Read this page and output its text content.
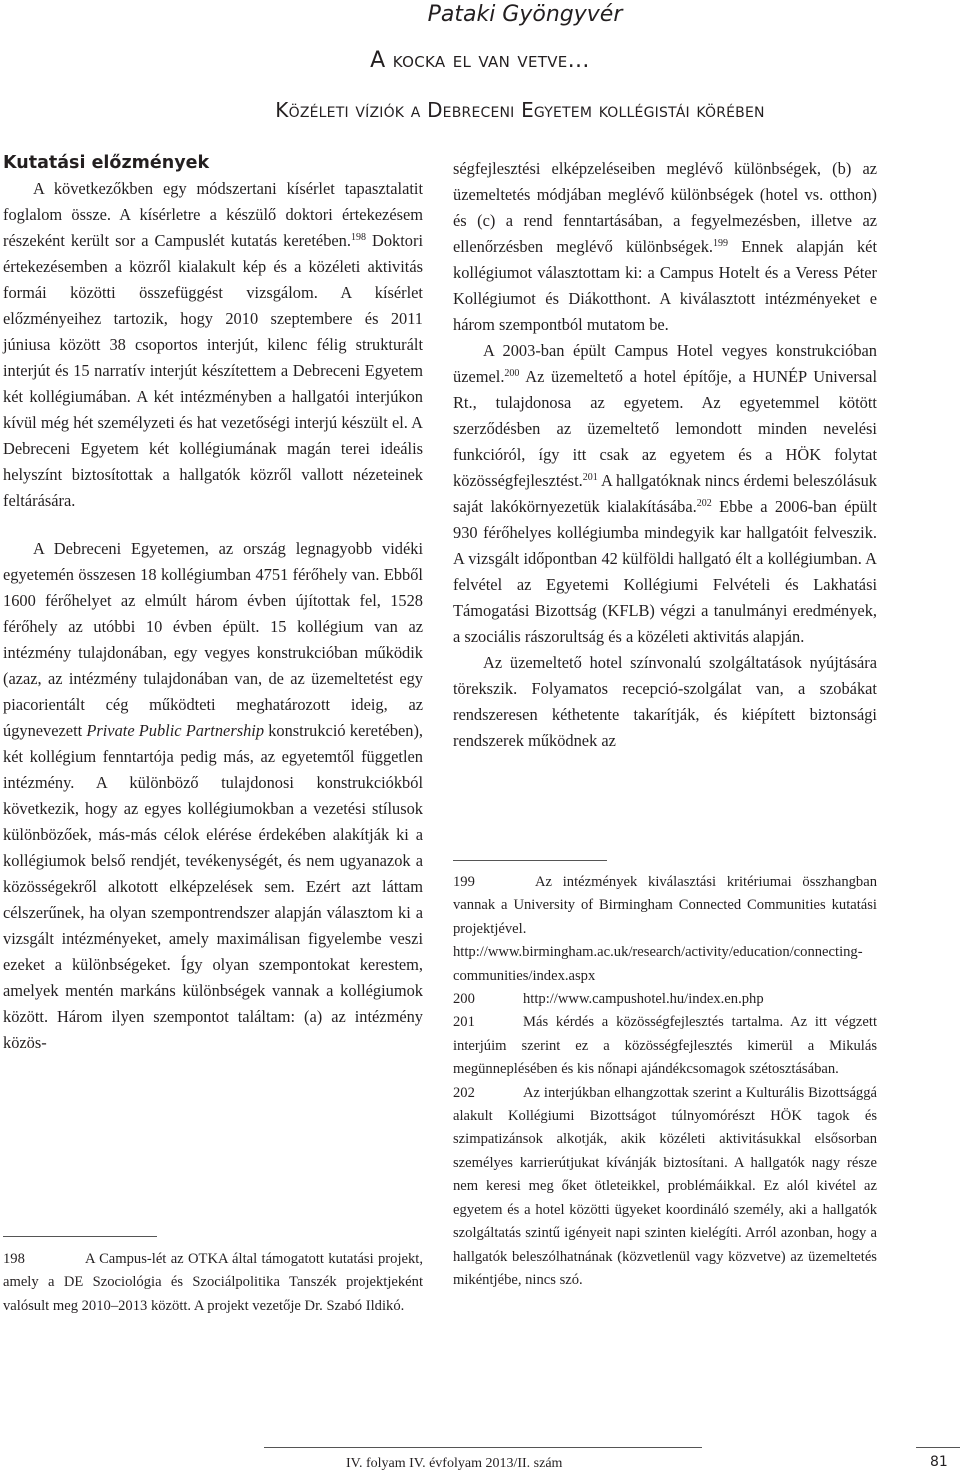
Pataki Gyöngyvér
A kocka el van vetve…
Közéleti víziók a Debreceni Egyetem kollégistái körében

Kutatási előzmények

A következőkben egy módszertani kísérlet tapasztalatit foglalom össze. A kísérletre a készülő doktori értekezésem részeként került sor a Campuslét kutatás keretében.$^{198}$ Doktori értekezésemben a közről kialakult kép és a közéleti aktivitás formái közötti összefüggést vizsgálom. A kísérlet előzményeihez tartozik, hogy 2010 szeptembere és 2011 júniusa között 38 csoportos interjút, kilenc félig strukturált interjút és 15 narratív interjút készítettem a Debreceni Egyetem két kollégiumában. A két intézményben a hallgatói interjúkon kívül még hét személyzeti és hat vezetőségi interjú készült el. A Debreceni Egyetem két kollégiumának magán terei ideális helyszínt biztosítottak a hallgatók közről vallott nézeteinek feltárására.

A Debreceni Egyetemen, az ország legnagyobb vidéki egyetemén összesen 18 kollégiumban 4751 férőhely van. Ebből 1600 férőhelyet az elmúlt három évben újítottak fel, 1528 férőhely az utóbbi 10 évben épült. 15 kollégium van az intézmény tulajdonában, egy vegyes konstrukcióban működik (azaz, az intézmény tulajdonában van, de az üzemeltetést egy piacorientált cég működteti meghatározott ideig, az úgynevezett Private Public Partnership konstrukció keretében), két kollégium fenntartója pedig más, az egyetemtől független intézmény. A különböző tulajdonosi konstrukciókból következik, hogy az egyes kollégiumokban a vezetési stílusok különbözőek, más-más célok elérése érdekében alakítják ki a kollégiumok belső rendjét, tevékenységét, és nem ugyanazok a közösségekről alkotott elképzelések sem. Ezért azt láttam célszerűnek, ha olyan szempontrendszer alapján választom ki a vizsgált intézményeket, amely maximálisan figyelembe veszi ezeket a különbségeket. Így olyan szempontokat kerestem, amelyek mentén markáns különbségek vannak a kollégiumok között. Három ilyen szempontot találtam: (a) az intézmény közös-

198	A Campus-lét az OTKA által támogatott kutatási projekt, amely a DE Szociológia és Szociálpolitika Tanszék projektjeként valósult meg 2010–2013 között. A projekt vezetője Dr. Szabó Ildikó.

ségfejlesztési elképzeléseiben meglévő különbségek, (b) az üzemeltetés módjában meglévő különbségek (hotel vs. otthon) és (c) a rend fenntartásában, a fegyelmezésben, illetve az ellenőrzésben meglévő különbségek.$^{199}$ Ennek alapján két kollégiumot választottam ki: a Campus Hotelt és a Veress Péter Kollégiumot és Diákotthont. A kiválasztott intézményeket e három szempontból mutatom be.

A 2003-ban épült Campus Hotel vegyes konstrukcióban üzemel.$^{200}$ Az üzemeltető a hotel építője, a HUNÉP Universal Rt., tulajdonosa az egyetem. Az egyetemmel kötött szerződésben az üzemeltető lemondott minden nevelési funkcióról, így itt csak az egyetem és a HÖK folytat közösségfejlesztést.$^{201}$ A hallgatóknak nincs érdemi beleszólásuk saját lakókörnyezetük kialakításába.$^{202}$ Ebbe a 2006-ban épült 930 férőhelyes kollégiumba mindegyik kar hallgatóit felveszik. A vizsgált időpontban 42 külföldi hallgató élt a kollégiumban. A felvétel az Egyetemi Kollégiumi Felvételi és Lakhatási Támogatási Bizottság (KFLB) végzi a tanulmányi eredmények, a szociális rászorultság és a közéleti aktivitás alapján.

Az üzemeltető hotel színvonalú szolgáltatások nyújtására törekszik. Folyamatos recepció-szolgálat van, a szobákat rendszeresen kéthetente takarítják, és kiépített biztonsági rendszerek működnek az

199	Az intézmények kiválasztási kritériumai összhangban vannak a University of Birmingham Connected Communities kutatási projektjével. http://www.birmingham.ac.uk/research/activity/education/connecting-communities/index.aspx

200	http://www.campushotel.hu/index.en.php

201	Más kérdés a közösségfejlesztés tartalma. Az itt végzett interjúim szerint ez a közösségfejlesztés kimerül a Mikulás megünneplésében és kis nőnapi ajándékcsomagok szétosztásában.

202	Az interjúkban elhangzottak szerint a Kulturális Bizottsággá alakult Kollégiumi Bizottságot túlnyomórészt HÖK tagok és szimpatizánsok alkotják, akik közéleti aktivitásukkal elsősorban személyes karrierútjukat kívánják biztosítani. A hallgatók nagy része nem keresi meg őket ötleteikkel, problémáikkal. Ez alól kivétel az egyetem és a hotel közötti ügyeket koordináló személy, aki a hallgatók szolgáltatás szintű igényeit napi szinten kielégíti. Arról azonban, hogy a hallgatók beleszólhatnának (közvetlenül vagy közvetve) az üzemeltetés mikéntjébe, nincs szó.

IV. folyam IV. évfolyam 2013/II. szám	81
